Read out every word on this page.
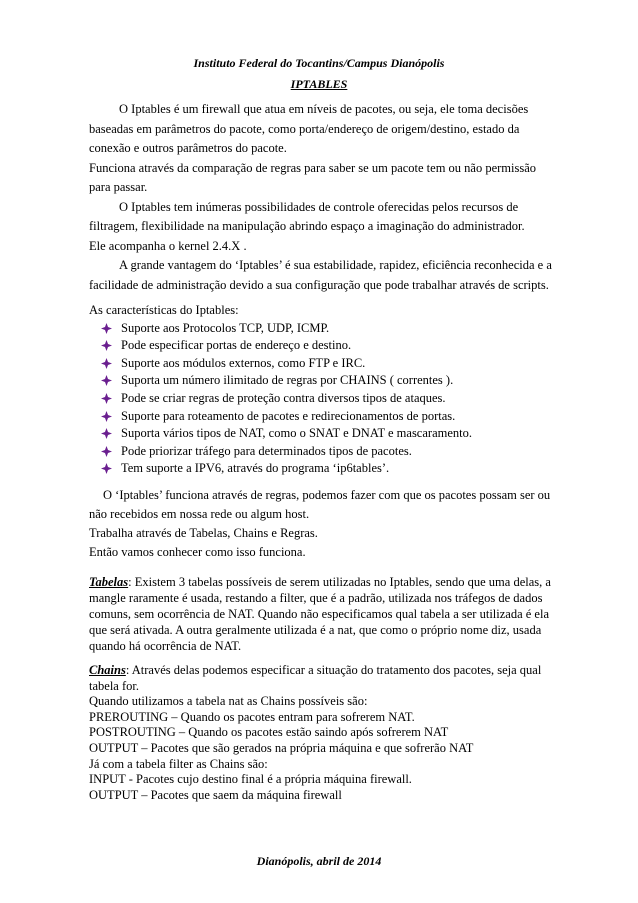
Instituto Federal do Tocantins/Campus Dianópolis
IPTABLES

O Iptables é um firewall que atua em níveis de pacotes, ou seja, ele toma decisões baseadas em parâmetros do pacote, como porta/endereço de origem/destino, estado da conexão e outros parâmetros do pacote.

Funciona através da comparação de regras para saber se um pacote tem ou não permissão para passar.

O Iptables tem inúmeras possibilidades de controle oferecidas pelos recursos de filtragem, flexibilidade na manipulação abrindo espaço a imaginação do administrador.

Ele acompanha o kernel 2.4.X .

A grande vantagem do ‘Iptables’ é sua estabilidade, rapidez, eficiência reconhecida e a facilidade de administração devido a sua configuração que pode trabalhar através de scripts.

As características do Iptables:

Suporte aos Protocolos TCP, UDP, ICMP.
Pode especificar portas de endereço e destino.
Suporte aos módulos externos, como FTP e IRC.
Suporta um número ilimitado de regras por CHAINS ( correntes ).
Pode se criar regras de proteção contra diversos tipos de ataques.
Suporte para roteamento de pacotes e redirecionamentos de portas.
Suporta vários tipos de NAT, como o SNAT e DNAT e mascaramento.
Pode priorizar tráfego para determinados tipos de pacotes.
Tem suporte a IPV6, através do programa ‘ip6tables’.

O ‘Iptables’ funciona através de regras, podemos fazer com que os pacotes possam ser ou não recebidos em nossa rede ou algum host.

Trabalha através de Tabelas, Chains e Regras.

Então vamos conhecer como isso funciona.

Tabelas: Existem 3 tabelas possíveis de serem utilizadas no Iptables, sendo que uma delas, a mangle raramente é usada, restando a filter, que é a padrão, utilizada nos tráfegos de dados comuns, sem ocorrência de NAT. Quando não especificamos qual tabela a ser utilizada é ela que será ativada. A outra geralmente utilizada é a nat, que como o próprio nome diz, usada quando há ocorrência de NAT.

Chains: Através delas podemos especificar a situação do tratamento dos pacotes, seja qual tabela for.

Quando utilizamos a tabela nat as Chains possíveis são:

PREROUTING – Quando os pacotes entram para sofrerem NAT.

POSTROUTING – Quando os pacotes estão saindo após sofrerem NAT

OUTPUT – Pacotes que são gerados na própria máquina e que sofrerão NAT

Já com a tabela filter as Chains são:

INPUT - Pacotes cujo destino final é a própria máquina firewall.

OUTPUT – Pacotes que saem da máquina firewall

Dianópolis, abril de 2014
